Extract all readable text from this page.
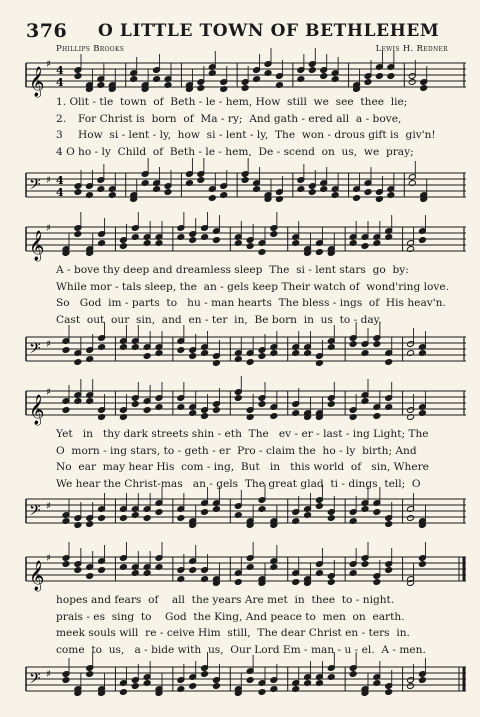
376 O LITTLE TOWN OF BETHLEHEM
Phillips Brooks	Lewis H. Redner
𝄞
♯ 4
4
1. Olit - tle  town  of  Beth - le - hem, How  still  we  see  thee  lie;
2. For Christ is  born  of  Ma - ry;  And gath - ered all  a - bove,
3 How  si - lent - ly,  how  si - lent - ly,  The  won - drous gift is  giv'n!
4 O ho - ly  Child  of  Beth - le - hem,  De - scend  on  us,  we  pray;
𝄢 ♯ 4
4
𝄞
♯
A - bove thy deep and dreamless sleep  The  si - lent stars  go  by:
While mor - tals sleep, the  an - gels keep Their watch of  wond'ring love.
So   God  im - parts  to   hu - man hearts  The bless - ings  of  His heav'n.
Cast  out  our  sin,  and  en - ter  in,  Be born  in  us  to - day.
𝄢 ♯
𝄞
♯
Yet   in   thy dark streets shin - eth  The   ev - er - last - ing Light; The
O  morn - ing stars, to - geth - er  Pro - claim the  ho - ly  birth; And
No  ear  may hear His  com - ing,  But   in   this world  of   sin, Where
We hear the Christ-mas   an - gels  The great glad  ti - dings  tell;  O
𝄢 ♯
𝄞
♯
hopes and fears  of    all  the years Are met  in  thee  to - night.
prais - es  sing  to    God  the King, And peace to  men  on  earth.
meek souls will  re - ceive Him  still,  The dear Christ en - ters  in.
come  to  us,   a - bide with  us,  Our Lord Em - man - u - el.  A - men.
𝄢 ♯
